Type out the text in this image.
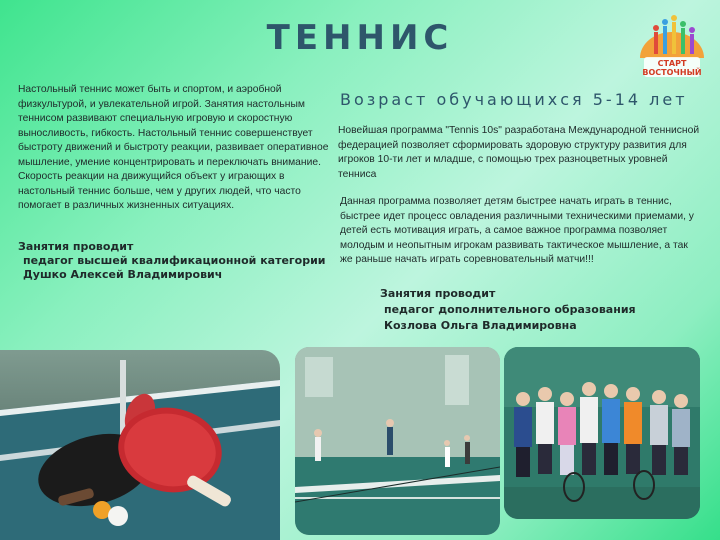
ТЕННИС
СТАРТ
ВОСТОЧНЫЙ
Настольный теннис может быть и спортом, и аэробной физкультурой, и увлекательной игрой. Занятия настольным теннисом развивают специальную игровую и скоростную выносливость, гибкость. Настольный теннис совершенствует быстроту движений и быстроту реакции, развивает оперативное мышление, умение концентрировать и переключать внимание. Скорость реакции на движущийся объект у играющих в настольный теннис больше, чем у других людей, что часто помогает в различных жизненных ситуациях.
Занятия проводит
педагог высшей квалификационной категории
Душко Алексей Владимирович
Возраст обучающихся 5-14 лет
Новейшая программа "Tennis 10s" разработана Международной теннисной федерацией позволяет сформировать здоровую структуру развития для игроков 10-ти лет и младше, с помощью трех разноцветных уровней тенниса
Данная программа позволяет детям быстрее начать играть в теннис, быстрее идет процесс овладения различными техническими приемами, у детей есть мотивация играть, а самое важное программа позволяет молодым и неопытным игрокам развивать тактическое мышление, а так же раньше начать играть соревновательный матчи!!!
Занятия проводит
педагог дополнительного образования
Козлова Ольга Владимировна
